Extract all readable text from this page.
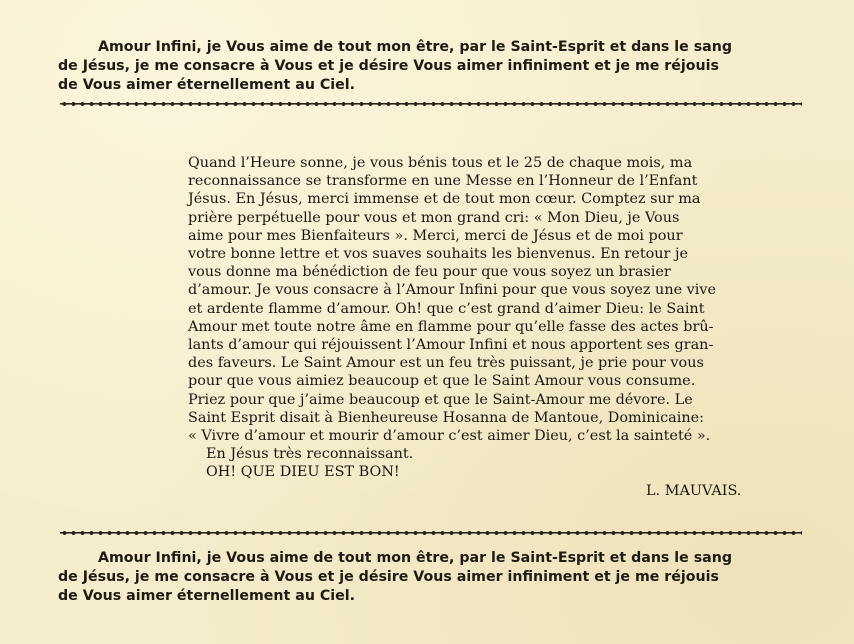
Amour Infini, je Vous aime de tout mon être, par le Saint-Esprit et dans le sang
de Jésus, je me consacre à Vous et je désire Vous aimer infiniment et je me réjouis
de Vous aimer éternellement au Ciel.

Quand l’Heure sonne, je vous bénis tous et le 25 de chaque mois, ma
reconnaissance se transforme en une Messe en l’Honneur de l’Enfant
Jésus. En Jésus, merci immense et de tout mon cœur. Comptez sur ma
prière perpétuelle pour vous et mon grand cri: « Mon Dieu, je Vous
aime pour mes Bienfaiteurs ». Merci, merci de Jésus et de moi pour
votre bonne lettre et vos suaves souhaits les bienvenus. En retour je
vous donne ma bénédiction de feu pour que vous soyez un brasier
d’amour. Je vous consacre à l’Amour Infini pour que vous soyez une vive
et ardente flamme d’amour. Oh! que c’est grand d’aimer Dieu: le Saint
Amour met toute notre âme en flamme pour qu’elle fasse des actes brû-
lants d’amour qui réjouissent l’Amour Infini et nous apportent ses gran-
des faveurs. Le Saint Amour est un feu très puissant, je prie pour vous
pour que vous aimiez beaucoup et que le Saint Amour vous consume.
Priez pour que j’aime beaucoup et que le Saint-Amour me dévore. Le
Saint Esprit disait à Bienheureuse Hosanna de Mantoue, Dominicaine:
« Vivre d’amour et mourir d’amour c’est aimer Dieu, c’est la sainteté ».
En Jésus très reconnaissant.
OH! QUE DIEU EST BON!

L. MAUVAIS.

Amour Infini, je Vous aime de tout mon être, par le Saint-Esprit et dans le sang
de Jésus, je me consacre à Vous et je désire Vous aimer infiniment et je me réjouis
de Vous aimer éternellement au Ciel.
